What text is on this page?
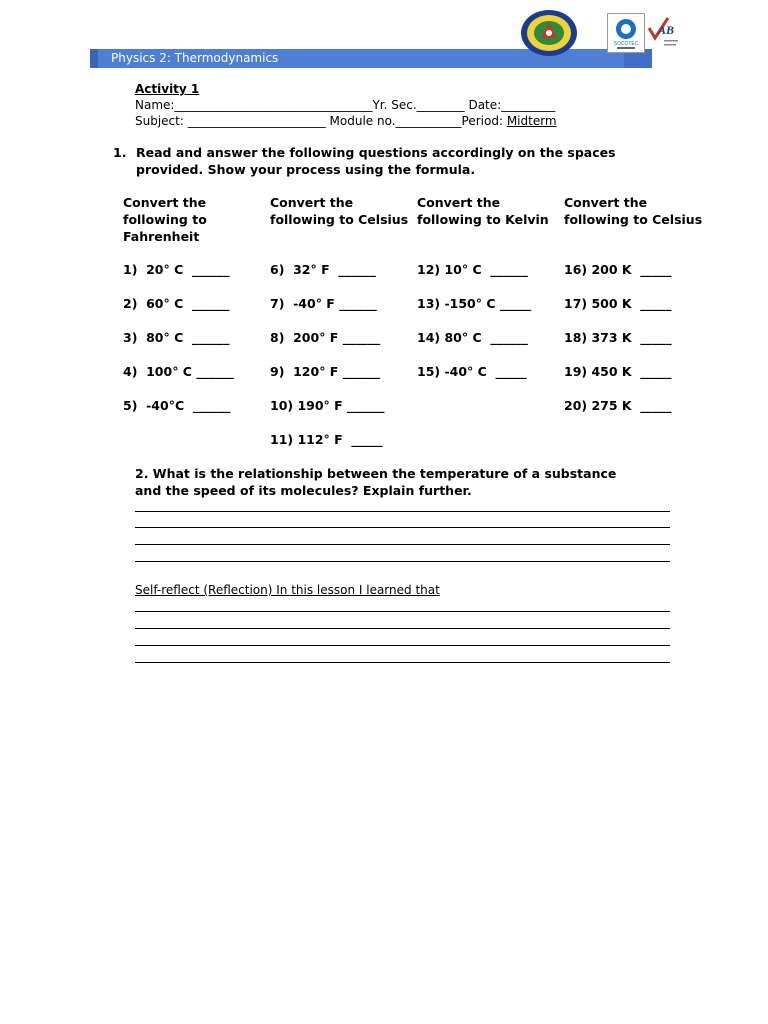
Physics 2: Thermodynamics
SOCOTEC
AB
Activity 1
Name:_________________________________Yr. Sec.________ Date:_________
Subject: _______________________ Module no.___________Period: Midterm
1. Read and answer the following questions accordingly on the spaces
provided. Show your process using the formula.
Convert the following to Fahrenheit
Convert the following to Celsius
Convert the following to Kelvin
Convert the following to Celsius
1)  20° C  ______
2)  60° C  ______
3)  80° C  ______
4)  100° C ______
5)  -40°C  ______
6)  32° F  ______
7)  -40° F ______
8)  200° F ______
9)  120° F ______
10) 190° F ______
11) 112° F  _____
12) 10° C  ______
13) -150° C _____
14) 80° C  ______
15) -40° C  _____
16) 200 K  _____
17) 500 K  _____
18) 373 K  _____
19) 450 K  _____
20) 275 K  _____
2. What is the relationship between the temperature of a substance
and the speed of its molecules? Explain further.
Self-reflect (Reflection) In this lesson I learned that
